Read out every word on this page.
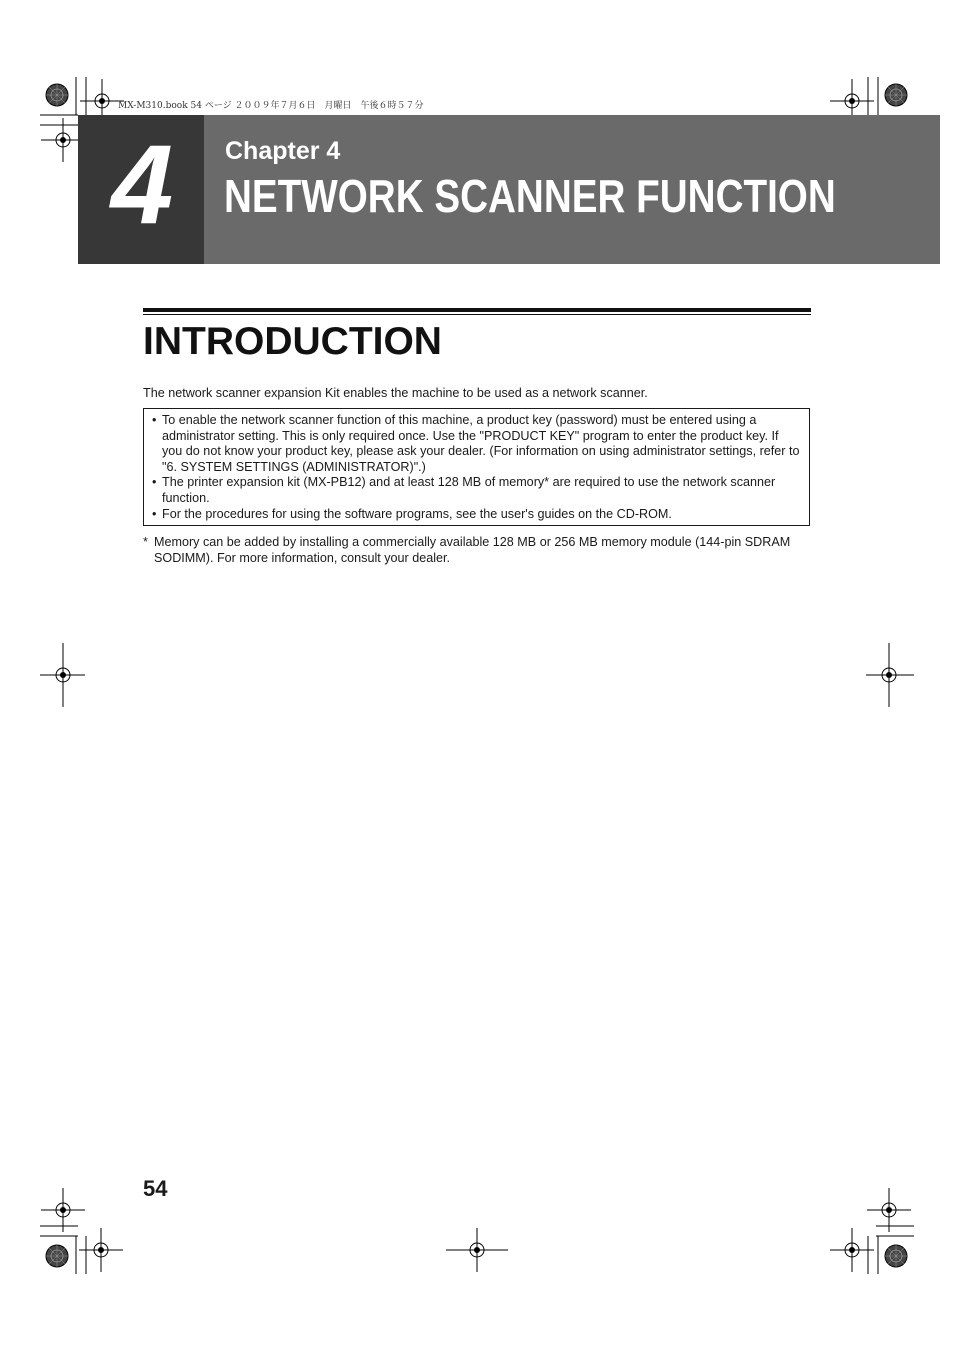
MX-M310.book 54 ページ ２００９年７月６日　月曜日　午後６時５７分
4	Chapter 4
NETWORK SCANNER FUNCTION
INTRODUCTION
The network scanner expansion Kit enables the machine to be used as a network scanner.
• To enable the network scanner function of this machine, a product key (password) must be entered using a administrator setting. This is only required once. Use the "PRODUCT KEY" program to enter the product key. If you do not know your product key, please ask your dealer. (For information on using administrator settings, refer to "6. SYSTEM SETTINGS (ADMINISTRATOR)".)
• The printer expansion kit (MX-PB12) and at least 128 MB of memory* are required to use the network scanner function.
• For the procedures for using the software programs, see the user's guides on the CD-ROM.
* Memory can be added by installing a commercially available 128 MB or 256 MB memory module (144-pin SDRAM SODIMM). For more information, consult your dealer.
54
